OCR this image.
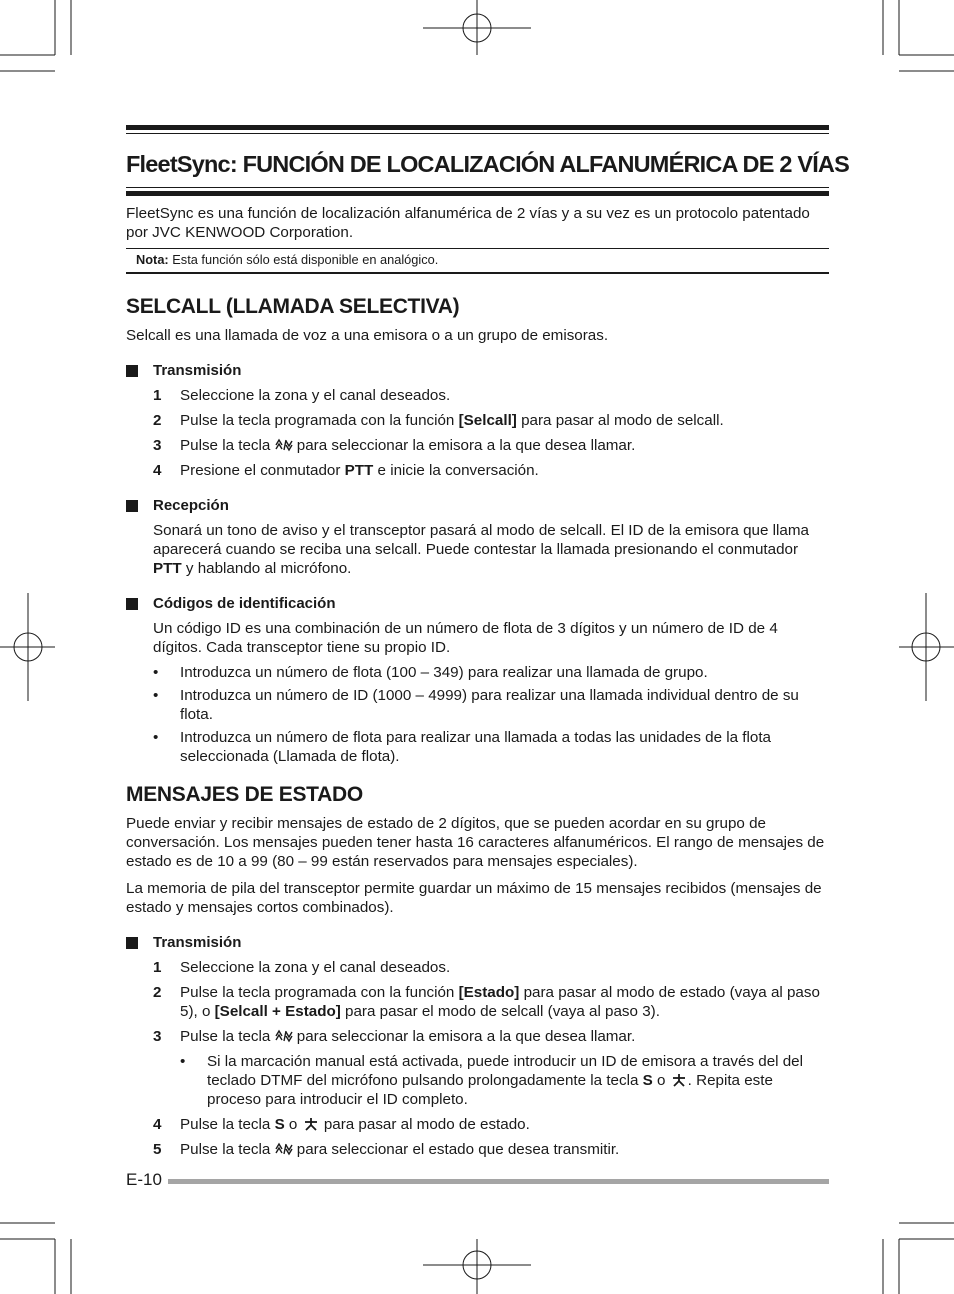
FleetSync: FUNCIÓN DE LOCALIZACIÓN ALFANUMÉRICA DE 2 VÍAS

FleetSync es una función de localización alfanumérica de 2 vías y a su vez es un protocolo patentado por JVC KENWOOD Corporation.

Nota: Esta función sólo está disponible en analógico.
SELCALL (LLAMADA SELECTIVA)

Selcall es una llamada de voz a una emisora o a un grupo de emisoras.

Transmisión
1	Seleccione la zona y el canal deseados.
2	Pulse la tecla programada con la función [Selcall] para pasar al modo de selcall.
3	Pulse la tecla  para seleccionar la emisora a la que desea llamar.
4	Presione el conmutador PTT e inicie la conversación.
Recepción

Sonará un tono de aviso y el transceptor pasará al modo de selcall. El ID de la emisora que llama aparecerá cuando se reciba una selcall. Puede contestar la llamada presionando el conmutador PTT y hablando al micrófono.

Códigos de identificación

Un código ID es una combinación de un número de flota de 3 dígitos y un número de ID de 4 dígitos. Cada transceptor tiene su propio ID.

•	Introduzca un número de flota (100 – 349) para realizar una llamada de grupo.
•	Introduzca un número de ID (1000 – 4999) para realizar una llamada individual dentro de su flota.
•	Introduzca un número de flota para realizar una llamada a todas las unidades de la flota seleccionada (Llamada de flota).
MENSAJES DE ESTADO

Puede enviar y recibir mensajes de estado de 2 dígitos, que se pueden acordar en su grupo de conversación. Los mensajes pueden tener hasta 16 caracteres alfanuméricos. El rango de mensajes de estado es de 10 a 99 (80 – 99 están reservados para mensajes especiales).

La memoria de pila del transceptor permite guardar un máximo de 15 mensajes recibidos (mensajes de estado y mensajes cortos combinados).

Transmisión
1	Seleccione la zona y el canal deseados.
2	Pulse la tecla programada con la función [Estado] para pasar al modo de estado (vaya al paso 5), o [Selcall + Estado] para pasar el modo de selcall (vaya al paso 3).
3	Pulse la tecla  para seleccionar la emisora a la que desea llamar.
•	Si la marcación manual está activada, puede introducir un ID de emisora a través del del teclado DTMF del micrófono pulsando prolongadamente la tecla S o . Repita este proceso para introducir el ID completo.
4	Pulse la tecla S o  para pasar al modo de estado.
5	Pulse la tecla  para seleccionar el estado que desea transmitir.
E-10
